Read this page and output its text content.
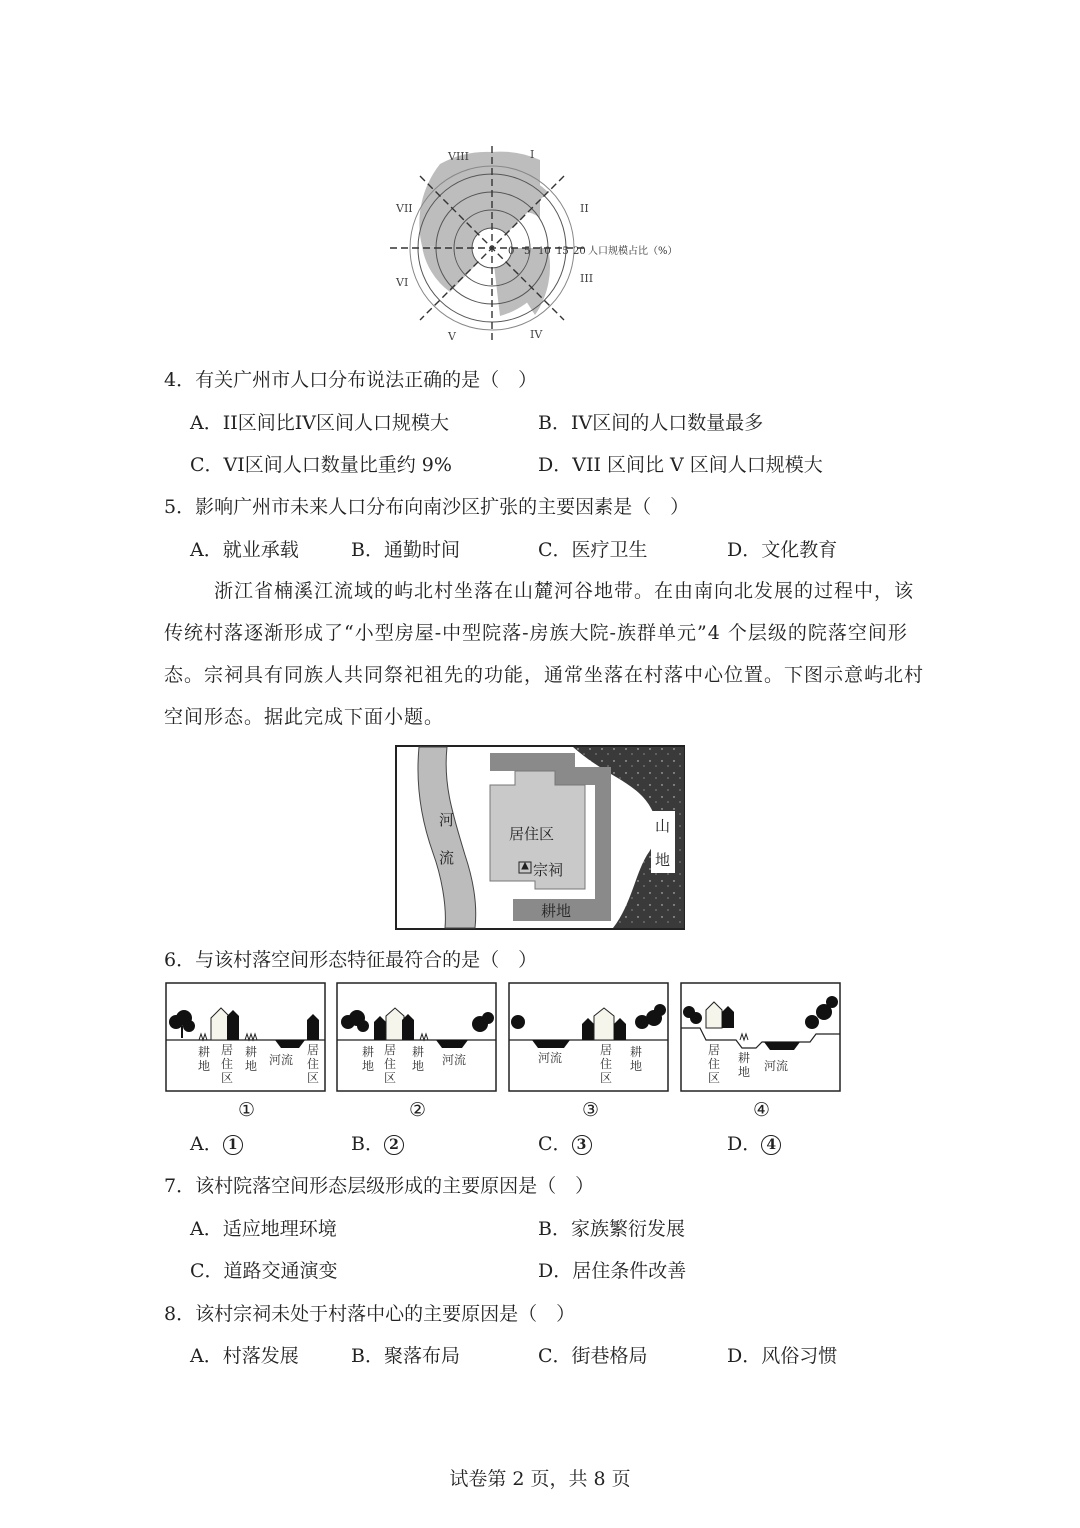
I
II
III
IV
V
VI
VII
VIII
0 5 10 15 20 人口规模占比（%）
4．有关广州市人口分布说法正确的是（　）
A．II区间比IV区间人口规模大	B．IV区间的人口数量最多
C．VI区间人口数量比重约 9%	D．VII 区间比 V 区间人口规模大
5．影响广州市未来人口分布向南沙区扩张的主要因素是（　）
A．就业承载	B．通勤时间	C．医疗卫生	D．文化教育
浙江省楠溪江流域的屿北村坐落在山麓河谷地带。在由南向北发展的过程中，该传统村落逐渐形成了“小型房屋-中型院落-房族大院-族群单元”4 个层级的院落空间形态。宗祠具有同族人共同祭祀祖先的功能，通常坐落在村落中心位置。下图示意屿北村空间形态。据此完成下面小题。
河
流
山
地
居住区
宗祠
耕地
6．与该村落空间形态特征最符合的是（　）
耕
地
居
住
区
耕
地 河流
居
住
区
①
耕
地
居
住
区
耕
地 河流
②
河流
居
住
区
耕
地
③
居
住
区
耕
地 河流
④
A． 1	B． 2	C． 3	D． 4
7．该村院落空间形态层级形成的主要原因是（　）
A．适应地理环境	B．家族繁衍发展
C．道路交通演变	D．居住条件改善
8．该村宗祠未处于村落中心的主要原因是（　）
A．村落发展	B．聚落布局	C．街巷格局	D．风俗习惯
试卷第 2 页，共 8 页
